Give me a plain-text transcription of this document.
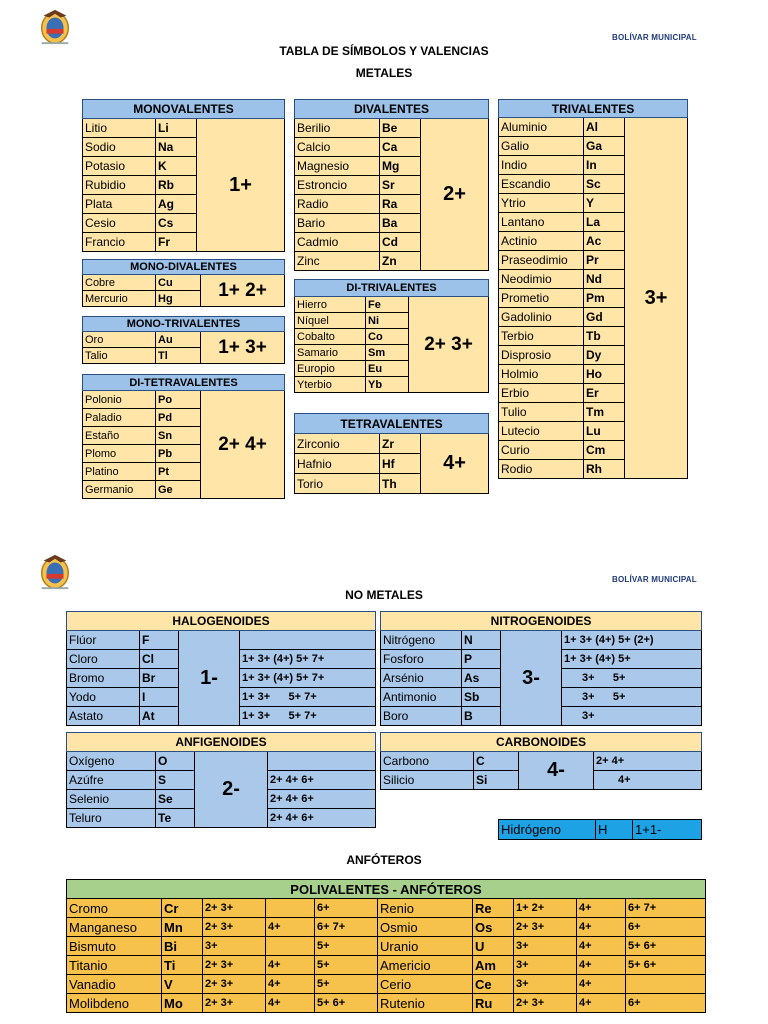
BOLÍVAR MUNICIPAL
TABLA DE SÍMBOLOS Y VALENCIAS
METALES
MONOVALENTES		
Litio	Li	1+
Sodio	Na	
Potasio	K	
Rubidio	Rb	
Plata	Ag	
Cesio	Cs	
Francio	Fr	
MONO-DIVALENTES		
Cobre	Cu	1+ 2+
Mercurio	Hg	
MONO-TRIVALENTES		
Oro	Au	1+ 3+
Talio	Tl	
DI-TETRAVALENTES		
Polonio	Po	2+ 4+
Paladio	Pd	
Estaño	Sn	
Plomo	Pb	
Platino	Pt	
Germanio	Ge	
DIVALENTES		
Berilio	Be	2+
Calcio	Ca	
Magnesio	Mg	
Estroncio	Sr	
Radio	Ra	
Bario	Ba	
Cadmio	Cd	
Zinc	Zn	
DI-TRIVALENTES		
Hierro	Fe	2+ 3+
Níquel	Ni	
Cobalto	Co	
Samario	Sm	
Europio	Eu	
Yterbio	Yb	
TETRAVALENTES		
Zirconio	Zr	4+
Hafnio	Hf	
Torio	Th	
TRIVALENTES		
Aluminio	Al	3+
Galio	Ga	
Indio	In	
Escandio	Sc	
Ytrio	Y	
Lantano	La	
Actinio	Ac	
Praseodimio	Pr	
Neodimio	Nd	
Prometio	Pm	
Gadolinio	Gd	
Terbio	Tb	
Disprosio	Dy	
Holmio	Ho	
Erbio	Er	
Tulio	Tm	
Lutecio	Lu	
Curio	Cm	
Rodio	Rh	
BOLÍVAR MUNICIPAL
NO METALES
HALOGENOIDES			
Flúor	F	1-	
Cloro	Cl		1+ 3+ (4+) 5+ 7+
Bromo	Br		1+ 3+ (4+) 5+ 7+
Yodo	I		1+ 3+      5+ 7+
Astato	At		1+ 3+      5+ 7+
NITROGENOIDES			
Nitrógeno	N	3-	1+ 3+ (4+) 5+ (2+)
Fosforo	P		1+ 3+ (4+) 5+
Arsénio	As		3+      5+
Antimonio	Sb		3+      5+
Boro	B		3+
ANFIGENOIDES			
Oxígeno	O	2-	
Azúfre	S		2+ 4+ 6+
Selenio	Se		2+ 4+ 6+
Teluro	Te		2+ 4+ 6+
CARBONOIDES			
Carbono	C	4-	2+ 4+
Silicio	Si		4+
Hidrógeno	H	1+1-
ANFÓTEROS
POLIVALENTES - ANFÓTEROS									
Cromo	Cr	2+ 3+		6+	Renio	Re	1+ 2+	4+	6+ 7+
Manganeso	Mn	2+ 3+	4+	6+ 7+	Osmio	Os	2+ 3+	4+	6+
Bismuto	Bi	3+		5+	Uranio	U	3+	4+	5+ 6+
Titanio	Ti	2+ 3+	4+	5+	Americio	Am	3+	4+	5+ 6+
Vanadio	V	2+ 3+	4+	5+	Cerio	Ce	3+	4+	
Molibdeno	Mo	2+ 3+	4+	5+ 6+	Rutenio	Ru	2+ 3+	4+	6+
